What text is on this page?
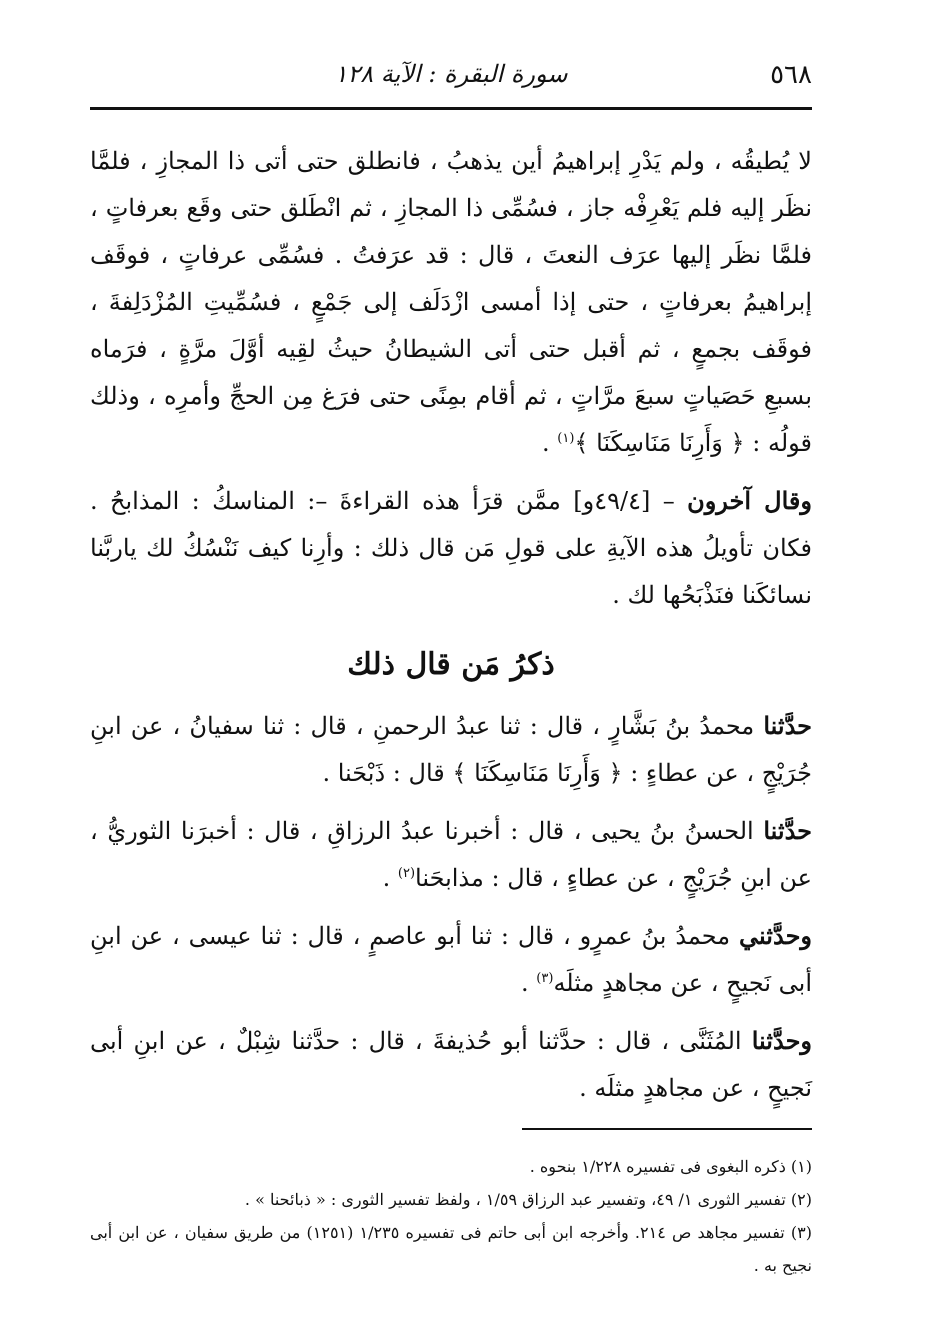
٥٦٨
سورة البقرة : الآية ١٢٨

لا يُطيقُه ، ولم يَدْرِ إبراهيمُ أين يذهبُ ، فانطلق حتى أتى ذا المجازِ ، فلمَّا نظَر إليه فلم يَعْرِفْه جاز ، فسُمِّى ذا المجازِ ، ثم انْطَلق حتى وقَع بعرفاتٍ ، فلمَّا نظَر إليها عرَف النعتَ ، قال : قد عرَفتُ . فسُمِّى عرفاتٍ ، فوقَف إبراهيمُ بعرفاتٍ ، حتى إذا أمسى ازْدَلَف إلى جَمْعٍ ، فسُمِّيتِ المُزْدَلِفةَ ، فوقَف بجمعٍ ، ثم أقبل حتى أتى الشيطانُ حيثُ لقِيه أوَّلَ مرَّةٍ ، فرَماه بسبعِ حَصَياتٍ سبعَ مرَّاتٍ ، ثم أقام بمِنًى حتى فرَغ مِن الحجِّ وأمرِه ، وذلك قولُه : ﴿ وَأَرِنَا مَنَاسِكَنَا ﴾$^{(١)}$ .

وقال آخرون – [٤٩/٤و] ممَّن قرَأ هذه القراءةَ –: المناسكُ : المذابحُ . فكان تأويلُ هذه الآيةِ على قولِ مَن قال ذلك : وأرِنا كيف نَنْسُكُ لك ياربَّنا نسائكَنا فنَذْبَحُها لك .

ذكرُ مَن قال ذلك

حدَّثنا محمدُ بنُ بَشَّارٍ ، قال : ثنا عبدُ الرحمنِ ، قال : ثنا سفيانُ ، عن ابنِ جُرَيْجٍ ، عن عطاءٍ : ﴿ وَأَرِنَا مَنَاسِكَنَا ﴾ قال : ذَبْحَنا .

حدَّثنا الحسنُ بنُ يحيى ، قال : أخبرنا عبدُ الرزاقِ ، قال : أخبرَنا الثوريُّ ، عن ابنِ جُرَيْجٍ ، عن عطاءٍ ، قال : مذابحَنا$^{(٢)}$ .

وحدَّثني محمدُ بنُ عمرٍو ، قال : ثنا أبو عاصمٍ ، قال : ثنا عيسى ، عن ابنِ أبى نَجيحٍ ، عن مجاهدٍ مثلَه$^{(٣)}$ .

وحدَّثنا المُثَنَّى ، قال : حدَّثنا أبو حُذيفةَ ، قال : حدَّثنا شِبْلٌ ، عن ابنِ أبى نَجيحٍ ، عن مجاهدٍ مثلَه .

(١) ذكره البغوى فى تفسيره ١/٢٢٨ بنحوه .

(٢) تفسير الثورى ١/ ٤٩، وتفسير عبد الرزاق ١/٥٩ ، ولفظ تفسير الثورى : « ذبائحنا » .

(٣) تفسير مجاهد ص ٢١٤. وأخرجه ابن أبى حاتم فى تفسيره ١/٢٣٥ (١٢٥١) من طريق سفيان ، عن ابن أبى نجيح به .
